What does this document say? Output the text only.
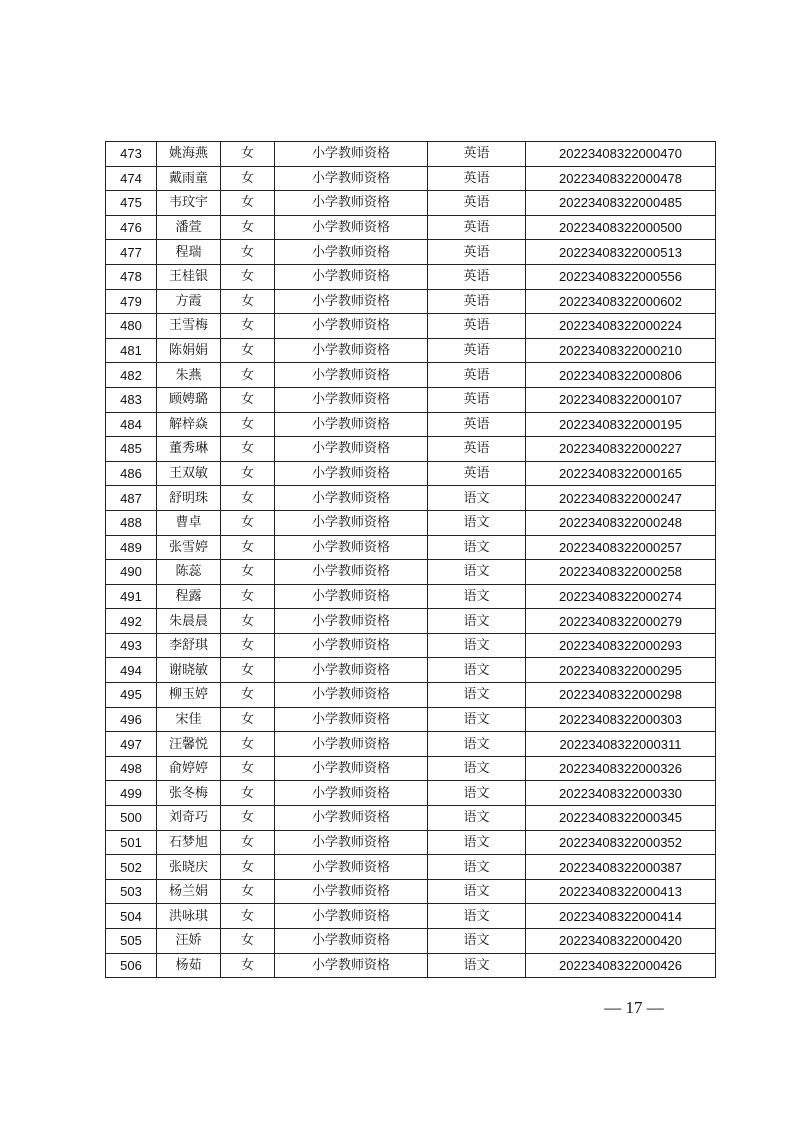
473	姚海燕	女	小学教师资格	英语	20223408322000470
474	戴雨童	女	小学教师资格	英语	20223408322000478
475	韦玟宇	女	小学教师资格	英语	20223408322000485
476	潘萱	女	小学教师资格	英语	20223408322000500
477	程瑞	女	小学教师资格	英语	20223408322000513
478	王桂银	女	小学教师资格	英语	20223408322000556
479	方霞	女	小学教师资格	英语	20223408322000602
480	王雪梅	女	小学教师资格	英语	20223408322000224
481	陈娟娟	女	小学教师资格	英语	20223408322000210
482	朱燕	女	小学教师资格	英语	20223408322000806
483	顾娉璐	女	小学教师资格	英语	20223408322000107
484	解梓焱	女	小学教师资格	英语	20223408322000195
485	董秀琳	女	小学教师资格	英语	20223408322000227
486	王双敏	女	小学教师资格	英语	20223408322000165
487	舒明珠	女	小学教师资格	语文	20223408322000247
488	曹卓	女	小学教师资格	语文	20223408322000248
489	张雪婷	女	小学教师资格	语文	20223408322000257
490	陈蕊	女	小学教师资格	语文	20223408322000258
491	程露	女	小学教师资格	语文	20223408322000274
492	朱晨晨	女	小学教师资格	语文	20223408322000279
493	李舒琪	女	小学教师资格	语文	20223408322000293
494	谢晓敏	女	小学教师资格	语文	20223408322000295
495	柳玉婷	女	小学教师资格	语文	20223408322000298
496	宋佳	女	小学教师资格	语文	20223408322000303
497	汪馨悦	女	小学教师资格	语文	20223408322000311
498	俞婷婷	女	小学教师资格	语文	20223408322000326
499	张冬梅	女	小学教师资格	语文	20223408322000330
500	刘奇巧	女	小学教师资格	语文	20223408322000345
501	石梦旭	女	小学教师资格	语文	20223408322000352
502	张晓庆	女	小学教师资格	语文	20223408322000387
503	杨兰娟	女	小学教师资格	语文	20223408322000413
504	洪咏琪	女	小学教师资格	语文	20223408322000414
505	汪娇	女	小学教师资格	语文	20223408322000420
506	杨茹	女	小学教师资格	语文	20223408322000426
— 17 —
